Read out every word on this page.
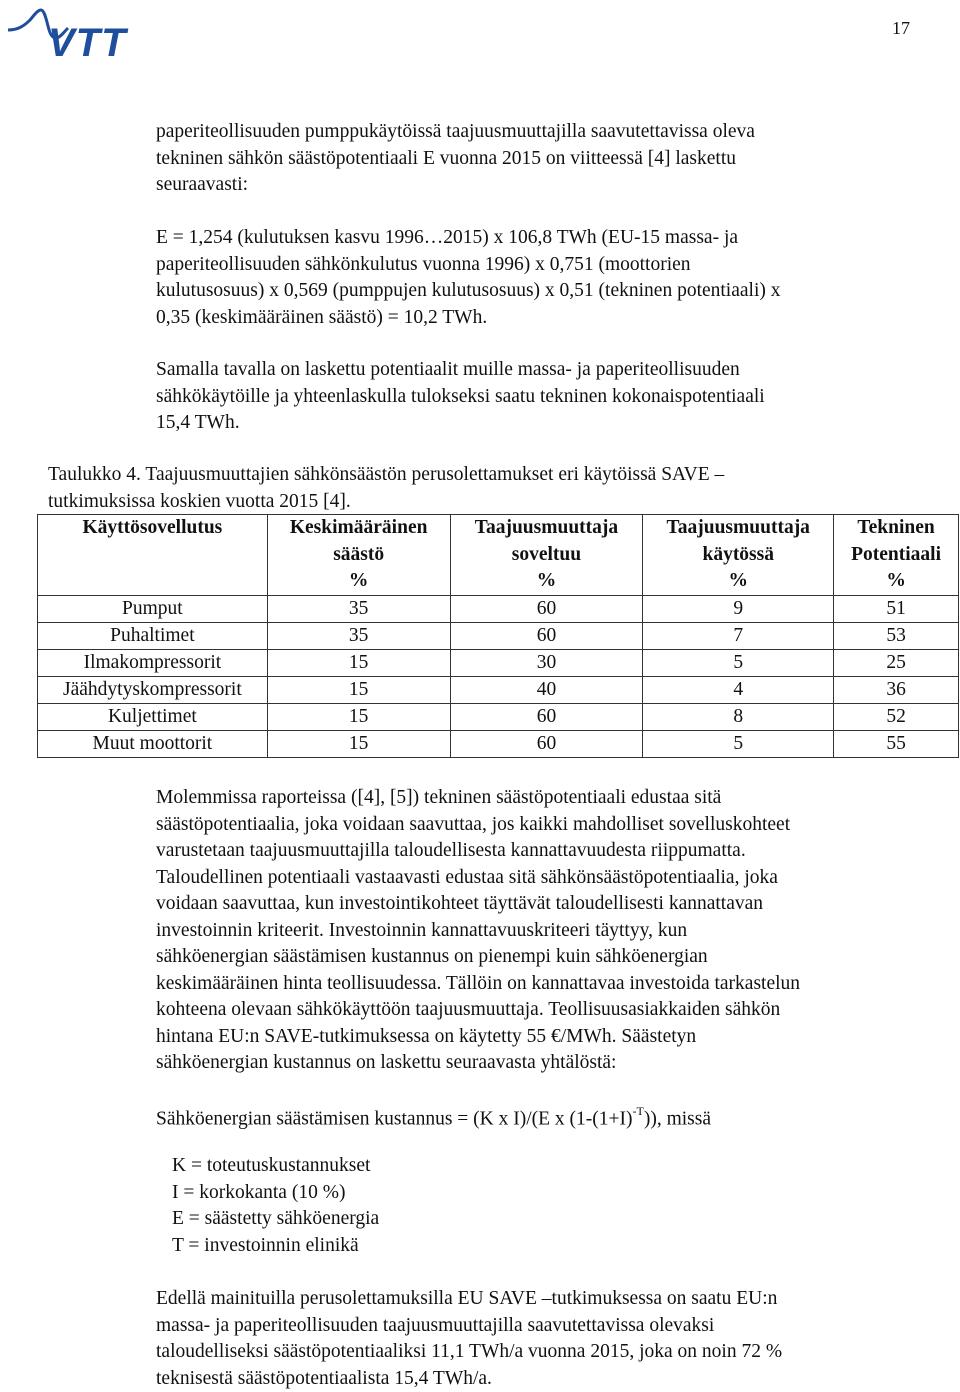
VTT	17

paperiteollisuuden pumppukäytöissä taajuusmuuttajilla saavutettavissa oleva
tekninen sähkön säästöpotentiaali E vuonna 2015 on viitteessä [4] laskettu
seuraavasti:

E = 1,254 (kulutuksen kasvu 1996…2015) x 106,8 TWh (EU-15 massa- ja
paperiteollisuuden sähkönkulutus vuonna 1996) x 0,751 (moottorien
kulutusosuus) x 0,569 (pumppujen kulutusosuus) x 0,51 (tekninen potentiaali) x
0,35 (keskimääräinen säästö) = 10,2 TWh.

Samalla tavalla on laskettu potentiaalit muille massa- ja paperiteollisuuden
sähkökäytöille ja yhteenlaskulla tulokseksi saatu tekninen kokonaispotentiaali
15,4 TWh.

Taulukko 4. Taajuusmuuttajien sähkönsäästön perusolettamukset eri käytöissä SAVE –
tutkimuksissa koskien vuotta 2015 [4].

Käyttösovellutus	Keskimääräinen
säästö
%	Taajuusmuuttaja
soveltuu
%	Taajuusmuuttaja
käytössä
%	Tekninen
Potentiaali
%

Pumput	35	60	9	51
Puhaltimet	35	60	7	53
Ilmakompressorit	15	30	5	25
Jäähdytyskompressorit	15	40	4	36
Kuljettimet	15	60	8	52
Muut moottorit	15	60	5	55

Molemmissa raporteissa ([4], [5]) tekninen säästöpotentiaali edustaa sitä
säästöpotentiaalia, joka voidaan saavuttaa, jos kaikki mahdolliset sovelluskohteet
varustetaan taajuusmuuttajilla taloudellisesta kannattavuudesta riippumatta.
Taloudellinen potentiaali vastaavasti edustaa sitä sähkönsäästöpotentiaalia, joka
voidaan saavuttaa, kun investointikohteet täyttävät taloudellisesti kannattavan
investoinnin kriteerit. Investoinnin kannattavuuskriteeri täyttyy, kun
sähköenergian säästämisen kustannus on pienempi kuin sähköenergian
keskimääräinen hinta teollisuudessa. Tällöin on kannattavaa investoida tarkastelun
kohteena olevaan sähkökäyttöön taajuusmuuttaja. Teollisuusasiakkaiden sähkön
hintana EU:n SAVE-tutkimuksessa on käytetty 55 €/MWh. Säästetyn
sähköenergian kustannus on laskettu seuraavasta yhtälöstä:

Sähköenergian säästämisen kustannus = (K x I)/(E x $(1-(1+I)^{-T})$), missä

K = toteutuskustannukset
I = korkokanta (10 %)
E = säästetty sähköenergia
T = investoinnin elinikä

Edellä mainituilla perusolettamuksilla EU SAVE –tutkimuksessa on saatu EU:n
massa- ja paperiteollisuuden taajuusmuuttajilla saavutettavissa olevaksi
taloudelliseksi säästöpotentiaaliksi 11,1 TWh/a vuonna 2015, joka on noin 72 %
teknisestä säästöpotentiaalista 15,4 TWh/a.
